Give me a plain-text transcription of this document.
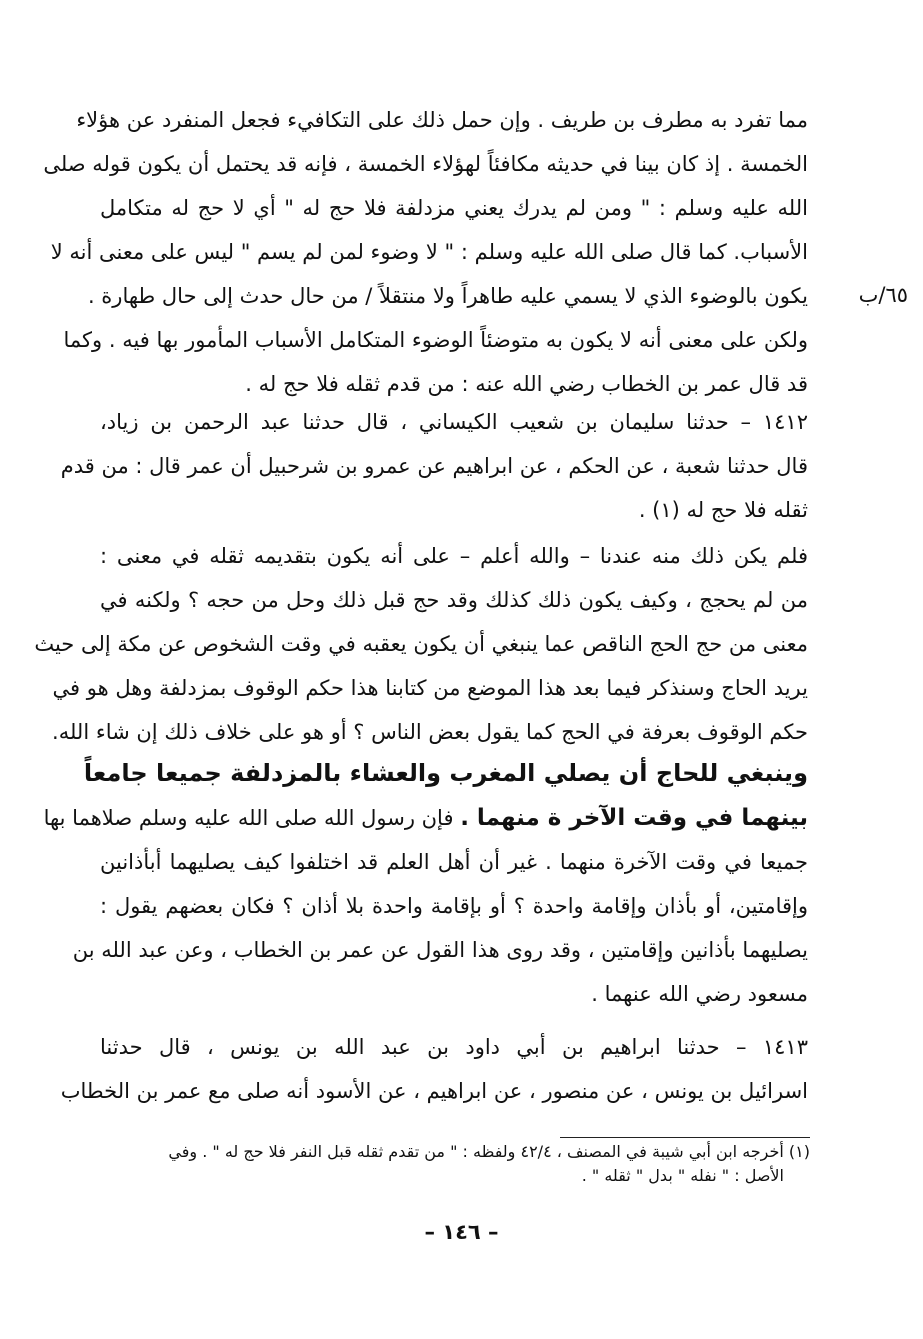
٦٥/ب
مما تفرد به مطرف بن طريف . وإن حمل ذلك على التكافيء فجعل المنفرد عن هؤلاء
الخمسة . إذ كان بينا في حديثه مكافئاً لهؤلاء الخمسة ، فإنه قد يحتمل أن يكون قوله صلى
الله عليه وسلم : " ومن لم يدرك يعني مزدلفة فلا حج له " أي لا حج له متكامل
الأسباب. كما قال صلى الله عليه وسلم : " لا وضوء لمن لم يسم " ليس على معنى أنه لا
يكون بالوضوء الذي لا يسمي عليه طاهراً ولا منتقلاً / من حال حدث إلى حال طهارة .
ولكن على معنى أنه لا يكون به متوضئاً الوضوء المتكامل الأسباب المأمور بها فيه . وكما
قد قال عمر بن الخطاب رضي الله عنه : من قدم ثقله فلا حج له .
١٤١٢ – حدثنا سليمان بن شعيب الكيساني ، قال حدثنا عبد الرحمن بن زياد،
قال حدثنا شعبة ، عن الحكم ، عن ابراهيم عن عمرو بن شرحبيل أن عمر قال : من قدم
ثقله فلا حج له (١) .
فلم يكن ذلك منه عندنا – والله أعلم – على أنه يكون بتقديمه ثقله في معنى :
من لم يحجج ، وكيف يكون ذلك كذلك وقد حج قبل ذلك وحل من حجه ؟ ولكنه في
معنى من حج الحج الناقص عما ينبغي أن يكون يعقبه في وقت الشخوص عن مكة إلى حيث
يريد الحاج وسنذكر فيما بعد هذا الموضع من كتابنا هذا حكم الوقوف بمزدلفة وهل هو في
حكم الوقوف بعرفة في الحج كما يقول بعض الناس ؟ أو هو على خلاف ذلك إن شاء الله.
وينبغي للحاج أن يصلي المغرب والعشاء بالمزدلفة جميعا جامعاً
بينهما في وقت الآخر ة منهما . فإن رسول الله صلى الله عليه وسلم صلاهما بها
جميعا في وقت الآخرة منهما . غير أن أهل العلم قد اختلفوا كيف يصليهما أبأذانين
وإقامتين، أو بأذان وإقامة واحدة ؟ أو بإقامة واحدة بلا أذان ؟ فكان بعضهم يقول :
يصليهما بأذانين وإقامتين ، وقد روى هذا القول عن عمر بن الخطاب ، وعن عبد الله بن
مسعود رضي الله عنهما .
١٤١٣ – حدثنا ابراهيم بن أبي داود بن عبد الله بن يونس ، قال حدثنا
اسرائيل بن يونس ، عن منصور ، عن ابراهيم ، عن الأسود أنه صلى مع عمر بن الخطاب
(١) أخرجه ابن أبي شيبة في المصنف ، ٤٢/٤ ولفظه : " من تقدم ثقله قبل النفر فلا حج له " . وفي
الأصل : " نفله " بدل " ثقله " .
– ١٤٦ –
